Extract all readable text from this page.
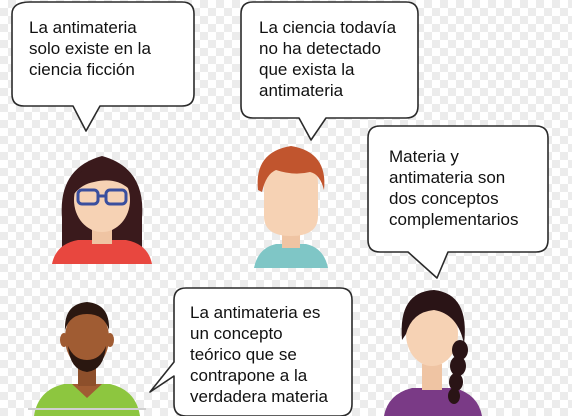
La antimateria
solo existe en la
ciencia ficción

La ciencia todavía
no ha detectado
que exista la
antimateria

Materia y
antimateria son
dos conceptos
complementarios

La antimateria es
un concepto
teórico que se
contrapone a la
verdadera materia
